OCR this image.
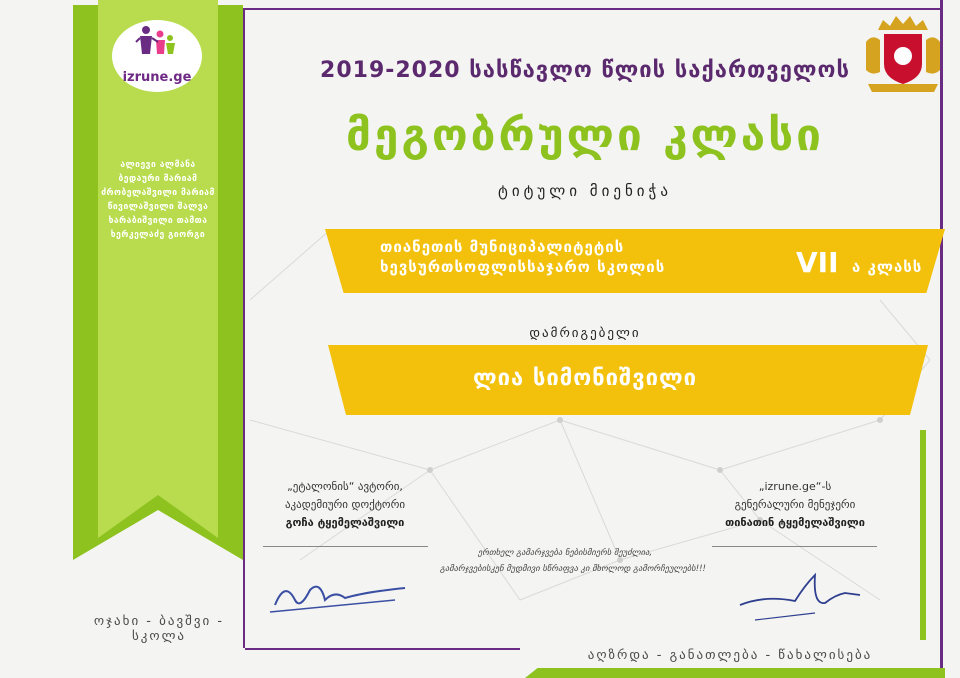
izrune.ge
ალიევი ალმანა
ბედაური მარიამ
ძრობელაშვილი მარიამ
წივილაშვილი შალვა
ხარაბიშვილი თამთა
ხერკელაძე გიორგი
ოჯახი - ბავშვი - სკოლა
2019-2020 სასწავლო წლის საქართველოს
მეგობრული კლასი
ტიტული მიენიჭა
თიანეთის მუნიციპალიტეტის
ხევსურთსოფლისსაჯარო სკოლის	VII ა კლასს
დამრიგებელი
ლია სიმონიშვილი
„ეტალონის“ ავტორი,
აკადემიური დოქტორი
გოჩა ტყემელაშვილი
„izrune.ge“-ს
გენერალური მენეჯერი
თინათინ ტყემელაშვილი
ერთხელ გამარჯვება ნებისმიერს შეუძლია,
გამარჯვებისკენ მუდმივი სწრაფვა კი მხოლოდ გამორჩეულებს!!!
აღზრდა - განათლება - წახალისება
